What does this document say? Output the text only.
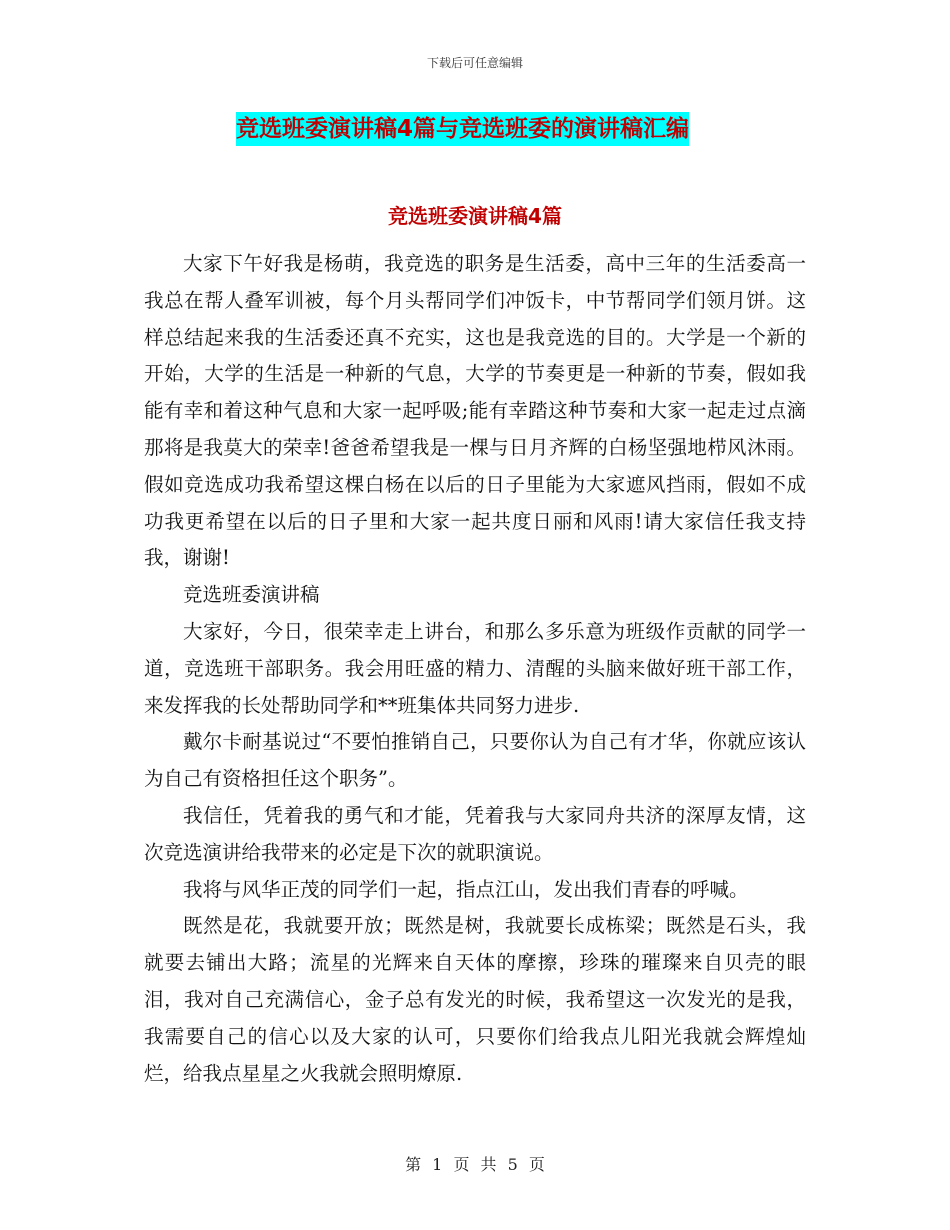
下载后可任意编辑
竞选班委演讲稿4篇与竞选班委的演讲稿汇编
竞选班委演讲稿4篇

大家下午好我是杨萌，我竞选的职务是生活委，高中三年的生活委高一我总在帮人叠军训被，每个月头帮同学们冲饭卡，中节帮同学们领月饼。这样总结起来我的生活委还真不充实，这也是我竞选的目的。大学是一个新的开始，大学的生活是一种新的气息，大学的节奏更是一种新的节奏，假如我能有幸和着这种气息和大家一起呼吸;能有幸踏这种节奏和大家一起走过点滴那将是我莫大的荣幸!爸爸希望我是一棵与日月齐辉的白杨坚强地栉风沐雨。假如竞选成功我希望这棵白杨在以后的日子里能为大家遮风挡雨，假如不成功我更希望在以后的日子里和大家一起共度日丽和风雨!请大家信任我支持我，谢谢!

竞选班委演讲稿

大家好，今日，很荣幸走上讲台，和那么多乐意为班级作贡献的同学一道，竞选班干部职务。我会用旺盛的精力、清醒的头脑来做好班干部工作，来发挥我的长处帮助同学和**班集体共同努力进步.

戴尔卡耐基说过“不要怕推销自己，只要你认为自己有才华，你就应该认为自己有资格担任这个职务”。

我信任，凭着我的勇气和才能，凭着我与大家同舟共济的深厚友情，这次竞选演讲给我带来的必定是下次的就职演说。

我将与风华正茂的同学们一起，指点江山，发出我们青春的呼喊。

既然是花，我就要开放；既然是树，我就要长成栋梁；既然是石头，我就要去铺出大路；流星的光辉来自天体的摩擦，珍珠的璀璨来自贝壳的眼泪，我对自己充满信心，金子总有发光的时候，我希望这一次发光的是我，我需要自己的信心以及大家的认可，只要你们给我点儿阳光我就会辉煌灿烂，给我点星星之火我就会照明燎原.

第 1 页 共 5 页
